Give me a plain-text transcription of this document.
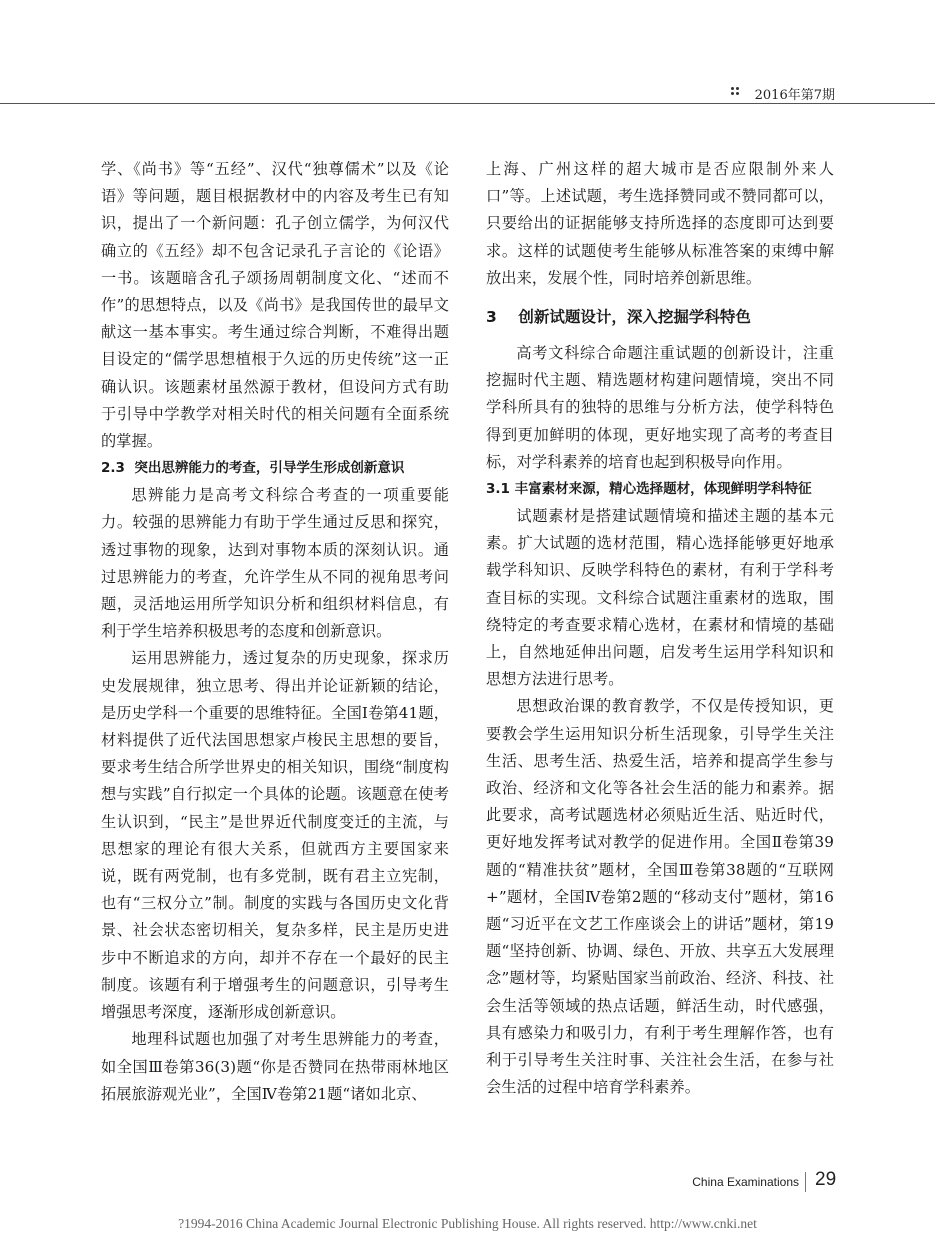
2016年第7期

学、《尚书》等“五经”、汉代“独尊儒术”以及《论语》等问题，题目根据教材中的内容及考生已有知识，提出了一个新问题：孔子创立儒学，为何汉代确立的《五经》却不包含记录孔子言论的《论语》一书。该题暗含孔子颂扬周朝制度文化、“述而不作”的思想特点，以及《尚书》是我国传世的最早文献这一基本事实。考生通过综合判断，不难得出题目设定的“儒学思想植根于久远的历史传统”这一正确认识。该题素材虽然源于教材，但设问方式有助于引导中学教学对相关时代的相关问题有全面系统的掌握。

2.3 突出思辨能力的考查，引导学生形成创新意识

思辨能力是高考文科综合考查的一项重要能力。较强的思辨能力有助于学生通过反思和探究，透过事物的现象，达到对事物本质的深刻认识。通过思辨能力的考查，允许学生从不同的视角思考问题，灵活地运用所学知识分析和组织材料信息，有利于学生培养积极思考的态度和创新意识。

运用思辨能力，透过复杂的历史现象，探求历史发展规律，独立思考、得出并论证新颖的结论，是历史学科一个重要的思维特征。全国Ⅰ卷第41题，材料提供了近代法国思想家卢梭民主思想的要旨，要求考生结合所学世界史的相关知识，围绕“制度构想与实践”自行拟定一个具体的论题。该题意在使考生认识到，“民主”是世界近代制度变迁的主流，与思想家的理论有很大关系，但就西方主要国家来说，既有两党制，也有多党制，既有君主立宪制，也有“三权分立”制。制度的实践与各国历史文化背景、社会状态密切相关，复杂多样，民主是历史进步中不断追求的方向，却并不存在一个最好的民主制度。该题有利于增强考生的问题意识，引导考生增强思考深度，逐渐形成创新意识。

地理科试题也加强了对考生思辨能力的考查，如全国Ⅲ卷第36(3)题“你是否赞同在热带雨林地区拓展旅游观光业”，全国Ⅳ卷第21题“诸如北京、

上海、广州这样的超大城市是否应限制外来人口”等。上述试题，考生选择赞同或不赞同都可以，只要给出的证据能够支持所选择的态度即可达到要求。这样的试题使考生能够从标准答案的束缚中解放出来，发展个性，同时培养创新思维。

3 创新试题设计，深入挖掘学科特色

高考文科综合命题注重试题的创新设计，注重挖掘时代主题、精选题材构建问题情境，突出不同学科所具有的独特的思维与分析方法，使学科特色得到更加鲜明的体现，更好地实现了高考的考查目标，对学科素养的培育也起到积极导向作用。

3.1 丰富素材来源，精心选择题材，体现鲜明学科特征

试题素材是搭建试题情境和描述主题的基本元素。扩大试题的选材范围，精心选择能够更好地承载学科知识、反映学科特色的素材，有利于学科考查目标的实现。文科综合试题注重素材的选取，围绕特定的考查要求精心选材，在素材和情境的基础上，自然地延伸出问题，启发考生运用学科知识和思想方法进行思考。

思想政治课的教育教学，不仅是传授知识，更要教会学生运用知识分析生活现象，引导学生关注生活、思考生活、热爱生活，培养和提高学生参与政治、经济和文化等各社会生活的能力和素养。据此要求，高考试题选材必须贴近生活、贴近时代，更好地发挥考试对教学的促进作用。全国Ⅱ卷第39题的“精准扶贫”题材，全国Ⅲ卷第38题的“互联网+”题材，全国Ⅳ卷第2题的“移动支付”题材，第16题“习近平在文艺工作座谈会上的讲话”题材，第19题“坚持创新、协调、绿色、开放、共享五大发展理念”题材等，均紧贴国家当前政治、经济、科技、社会生活等领域的热点话题，鲜活生动，时代感强，具有感染力和吸引力，有利于考生理解作答，也有利于引导考生关注时事、关注社会生活，在参与社会生活的过程中培育学科素养。

China Examinations 29
?1994-2016 China Academic Journal Electronic Publishing House. All rights reserved. http://www.cnki.net
